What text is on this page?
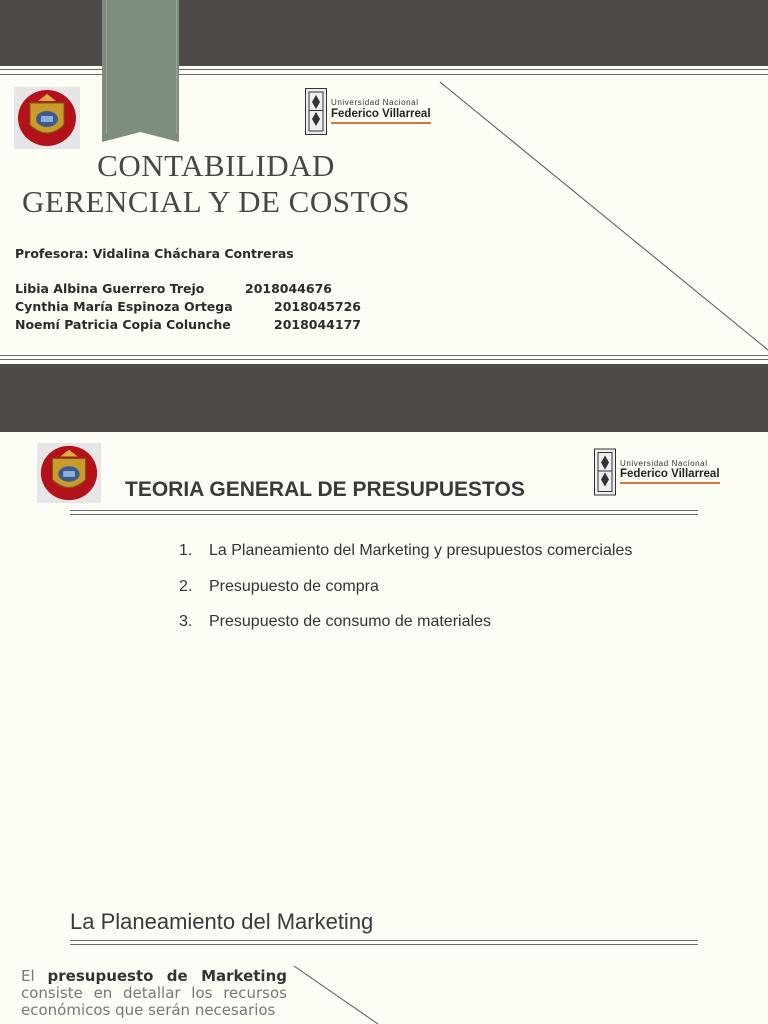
Universidad Nacional
Federico Villarreal
CONTABILIDAD
GERENCIAL Y DE COSTOS
Profesora: Vidalina Cháchara Contreras
Libia Albina Guerrero Trejo	2018044676
Cynthia María Espinoza Ortega	2018045726
Noemí Patricia Copia Colunche	2018044177
Universidad Nacional
Federico Villarreal
TEORIA GENERAL DE PRESUPUESTOS
1.	La Planeamiento del Marketing y presupuestos comerciales
2.	Presupuesto de compra
3.	Presupuesto de consumo de materiales
La Planeamiento del Marketing
El presupuesto de Marketing consiste en detallar los recursos económicos que serán necesarios
